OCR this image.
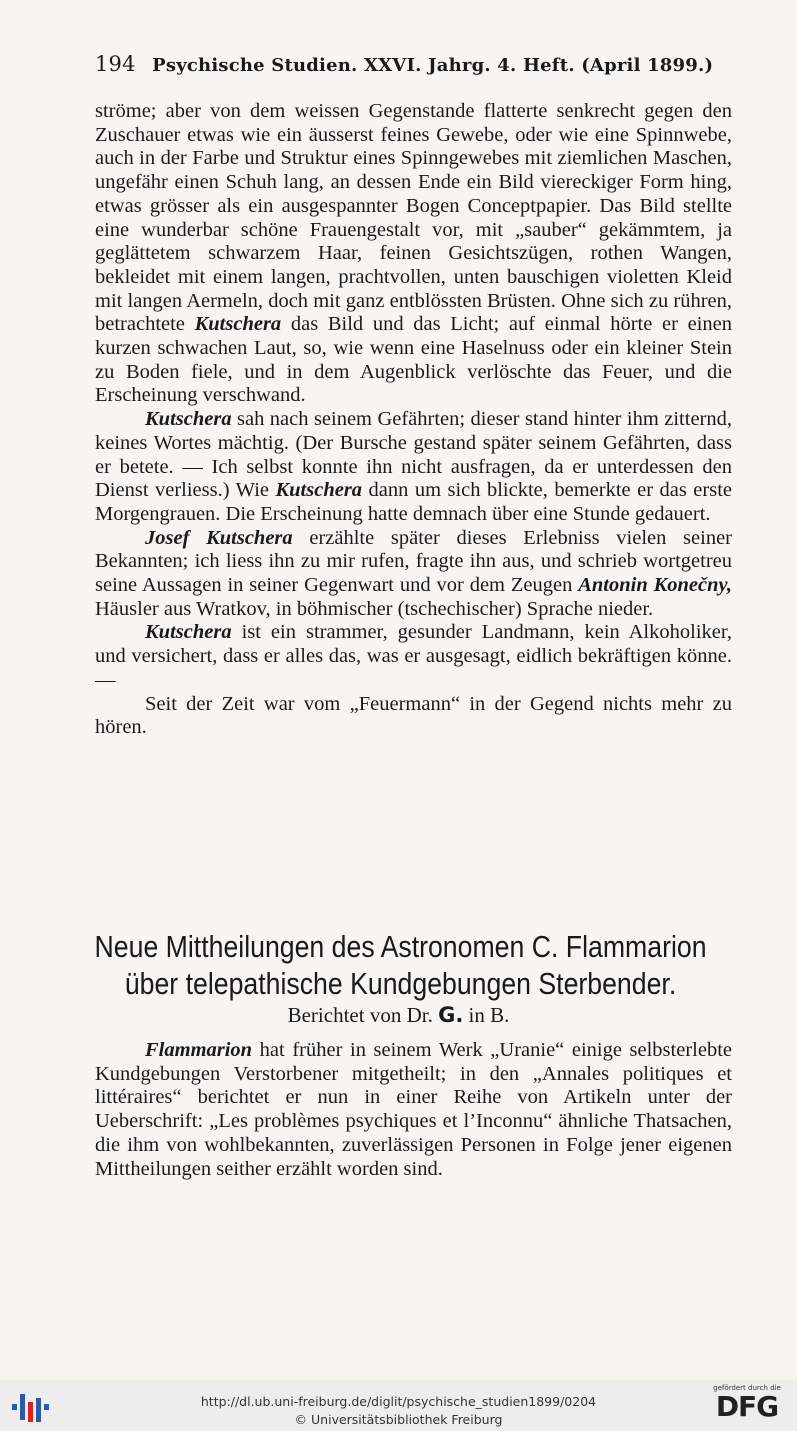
194 Psychische Studien. XXVI. Jahrg. 4. Heft. (April 1899.)

ströme; aber von dem weissen Gegenstande flatterte senkrecht gegen den Zuschauer etwas wie ein äusserst feines Gewebe, oder wie eine Spinnwebe, auch in der Farbe und Struktur eines Spinngewebes mit ziemlichen Maschen, ungefähr einen Schuh lang, an dessen Ende ein Bild viereckiger Form hing, etwas grösser als ein ausgespannter Bogen Conceptpapier. Das Bild stellte eine wunderbar schöne Frauengestalt vor, mit „sauber“ gekämmtem, ja geglättetem schwarzem Haar, feinen Gesichtszügen, rothen Wangen, bekleidet mit einem langen, prachtvollen, unten bauschigen violetten Kleid mit langen Aermeln, doch mit ganz entblössten Brüsten. Ohne sich zu rühren, betrachtete Kutschera das Bild und das Licht; auf einmal hörte er einen kurzen schwachen Laut, so, wie wenn eine Haselnuss oder ein kleiner Stein zu Boden fiele, und in dem Augenblick verlöschte das Feuer, und die Erscheinung verschwand.

Kutschera sah nach seinem Gefährten; dieser stand hinter ihm zitternd, keines Wortes mächtig. (Der Bursche gestand später seinem Gefährten, dass er betete. — Ich selbst konnte ihn nicht ausfragen, da er unterdessen den Dienst verliess.) Wie Kutschera dann um sich blickte, bemerkte er das erste Morgengrauen. Die Erscheinung hatte demnach über eine Stunde gedauert.

Josef Kutschera erzählte später dieses Erlebniss vielen seiner Bekannten; ich liess ihn zu mir rufen, fragte ihn aus, und schrieb wortgetreu seine Aussagen in seiner Gegenwart und vor dem Zeugen Antonin Konečny, Häusler aus Wratkov, in böhmischer (tschechischer) Sprache nieder.

Kutschera ist ein strammer, gesunder Landmann, kein Alkoholiker, und versichert, dass er alles das, was er ausgesagt, eidlich bekräftigen könne. —

Seit der Zeit war vom „Feuermann“ in der Gegend nichts mehr zu hören.

Neue Mittheilungen des Astronomen C. Flammarion
über telepathische Kundgebungen Sterbender.
Berichtet von Dr. G. in B.

Flammarion hat früher in seinem Werk „Uranie“ einige selbsterlebte Kundgebungen Verstorbener mitgetheilt; in den „Annales politiques et littéraires“ berichtet er nun in einer Reihe von Artikeln unter der Ueberschrift: „Les problèmes psychiques et l’Inconnu“ ähnliche Thatsachen, die ihm von wohlbekannten, zuverlässigen Personen in Folge jener eigenen Mittheilungen seither erzählt worden sind.

http://dl.ub.uni-freiburg.de/diglit/psychische_studien1899/0204
© Universitätsbibliothek Freiburg
gefördert durch die
DFG
